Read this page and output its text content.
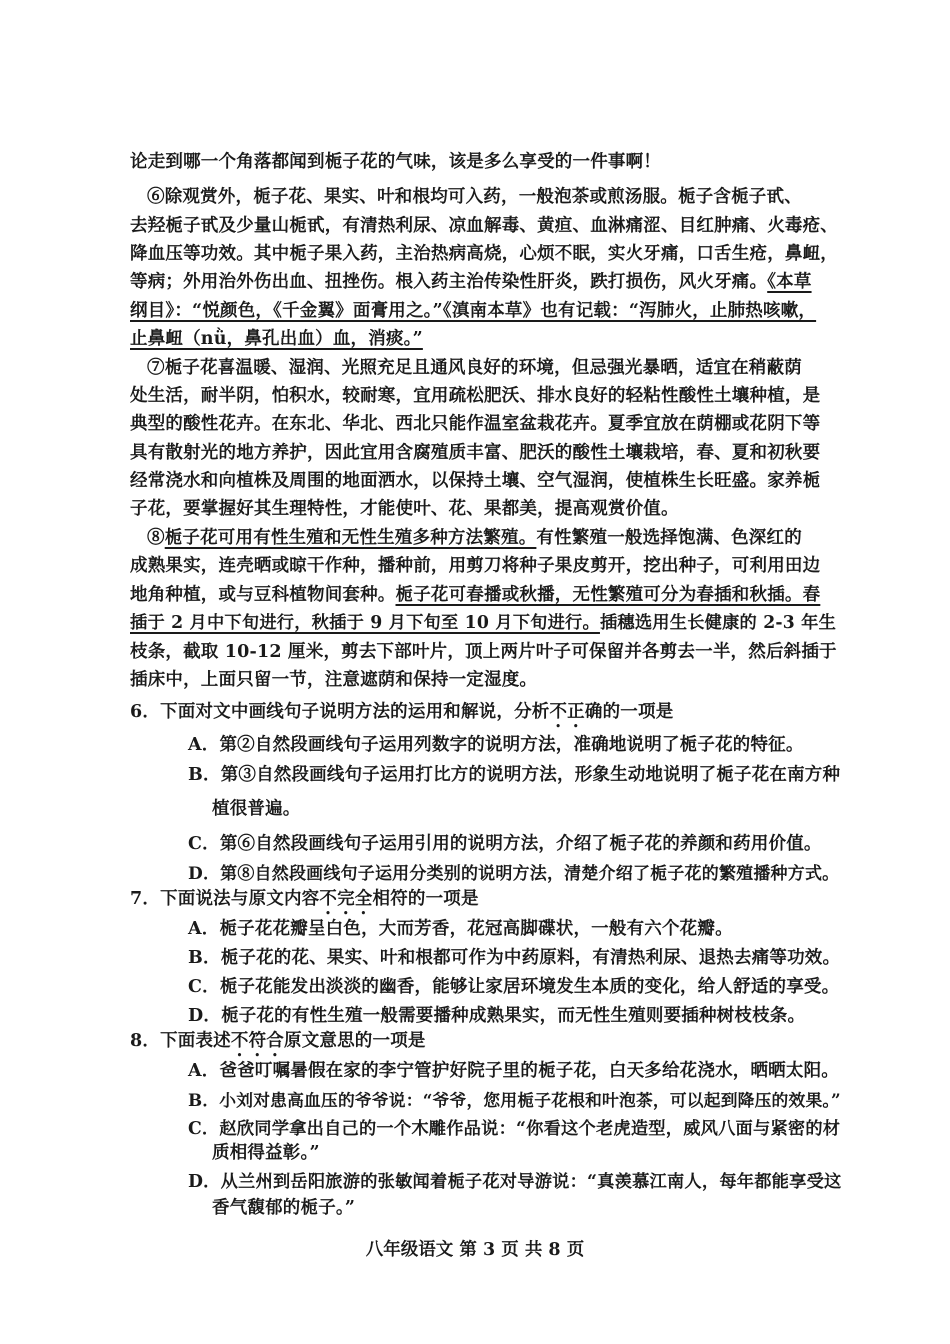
论走到哪一个角落都闻到栀子花的气味，该是多么享受的一件事啊！
⑥除观赏外，栀子花、果实、叶和根均可入药，一般泡茶或煎汤服。栀子含栀子甙、
去羟栀子甙及少量山栀甙，有清热利尿、凉血解毒、黄疸、血淋痛涩、目红肿痛、火毒疮、
降血压等功效。其中栀子果入药，主治热病高烧，心烦不眠，实火牙痛，口舌生疮，鼻衄，
等病；外用治外伤出血、扭挫伤。根入药主治传染性肝炎，跌打损伤，风火牙痛。《本草
纲目》：“悦颜色，《千金翼》面膏用之。”《滇南本草》也有记载：“泻肺火，止肺热咳嗽，
止鼻衄（nǜ，鼻孔出血）血，消痰。”
⑦栀子花喜温暖、湿润、光照充足且通风良好的环境，但忌强光暴晒，适宜在稍蔽荫
处生活，耐半阴，怕积水，较耐寒，宜用疏松肥沃、排水良好的轻粘性酸性土壤种植，是
典型的酸性花卉。在东北、华北、西北只能作温室盆栽花卉。夏季宜放在荫棚或花阴下等
具有散射光的地方养护，因此宜用含腐殖质丰富、肥沃的酸性土壤栽培，春、夏和初秋要
经常浇水和向植株及周围的地面洒水，以保持土壤、空气湿润，使植株生长旺盛。家养栀
子花，要掌握好其生理特性，才能使叶、花、果都美，提高观赏价值。
⑧栀子花可用有性生殖和无性生殖多种方法繁殖。有性繁殖一般选择饱满、色深红的
成熟果实，连壳晒或晾干作种，播种前，用剪刀将种子果皮剪开，挖出种子，可利用田边
地角种植，或与豆科植物间套种。栀子花可春播或秋播，无性繁殖可分为春插和秋插。春
插于 2 月中下旬进行，秋插于 9 月下旬至 10 月下旬进行。插穗选用生长健康的 2-3 年生
枝条，截取 10-12 厘米，剪去下部叶片，顶上两片叶子可保留并各剪去一半，然后斜插于
插床中，上面只留一节，注意遮荫和保持一定湿度。
6．下面对文中画线句子说明方法的运用和解说，分析不正确的一项是
A．第②自然段画线句子运用列数字的说明方法，准确地说明了栀子花的特征。
B．第③自然段画线句子运用打比方的说明方法，形象生动地说明了栀子花在南方种
植很普遍。
C．第⑥自然段画线句子运用引用的说明方法，介绍了栀子花的养颜和药用价值。
D．第⑧自然段画线句子运用分类别的说明方法，清楚介绍了栀子花的繁殖播种方式。
7．下面说法与原文内容不完全相符的一项是
A．栀子花花瓣呈白色，大而芳香，花冠高脚碟状，一般有六个花瓣。
B．栀子花的花、果实、叶和根都可作为中药原料，有清热利尿、退热去痛等功效。
C．栀子花能发出淡淡的幽香，能够让家居环境发生本质的变化，给人舒适的享受。
D．栀子花的有性生殖一般需要播种成熟果实，而无性生殖则要插种树枝枝条。
8．下面表述不符合原文意思的一项是
A．爸爸叮嘱暑假在家的李宁管护好院子里的栀子花，白天多给花浇水，晒晒太阳。
B．小刘对患高血压的爷爷说：“爷爷，您用栀子花根和叶泡茶，可以起到降压的效果。”
C．赵欣同学拿出自己的一个木雕作品说：“你看这个老虎造型，威风八面与紧密的材
质相得益彰。”
D．从兰州到岳阳旅游的张敏闻着栀子花对导游说：“真羡慕江南人，每年都能享受这
香气馥郁的栀子。”
八年级语文 第 3 页 共 8 页
